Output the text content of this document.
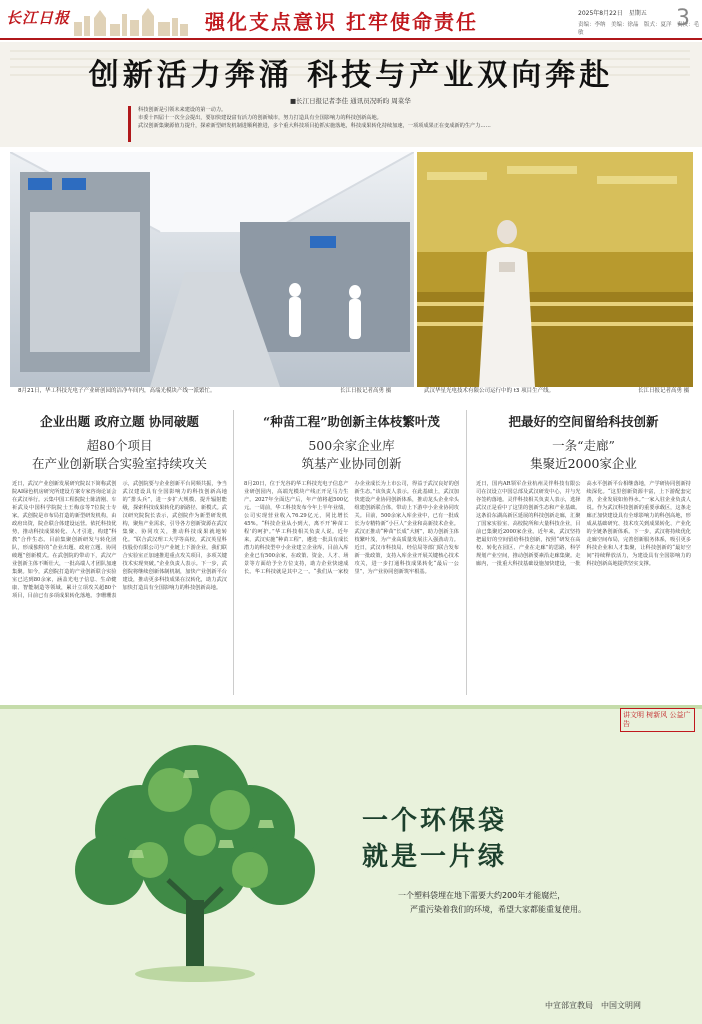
长江日报	强化支点意识 扛牢使命责任	2025年8月22日　星期五
责编：李纳　美编：徐晶　版式：夏洋　责校：毛敏
3
创新活力奔涌 科技与产业双向奔赴
■长江日报记者李佳 通讯员况昕昀 周菜华
科技创新是引领未来建设的第一动力。
市委十四届十一次全会提出，要加快建设富有活力的创新城市，努力打造具有全国影响力的科技创新高地。
武汉创新集聚源值力提升，探索新型研发机制进顺利推进，多个重大科技项目抢抓实施落地，科技成果转化持续加速，一项项成果正在变成新的生产力……
8月21日，华工科技光电子产业研创园的洁净车间内，高端光模块产线一派繁忙。	长江日报记者高勇 摄	武汉华星光电技术有限公司运行中的 t3 项目生产线。	长江日报记者高勇 摄
企业出题 政府立题 协同破题
超80个项目
在产业创新联合实验室持续攻关
近日，武汉产业创新发展研究院以下简称武创院AI绿色机房研究所建设方案专家咨询论证会在武汉举行。云集中国工程院院士陈清刚、车祈武及中国科学院院士王梅彦等7位院士专家。武创院是市布局打造的新型研发机构，由政府出资，院企联合体建设运营。依托科技优势，推动科技成果转化、人才引进，构建“科教”合作生态。目前集聚创新研发与转化团队，形成独特的“企业出题、政府立题、协同破题”创新模式。在武创院的带动下，武汉产业创新主体不断壮大，一批高端人才团队加速集聚。如今，武创院打造的产业创新联合实验室已达到80余家，涵盖光电子信息、生命健康、智能制造等领域，累计立项攻关超80个项目，目前已有多项成果转化落地。李珊珊表示，武创院要与企业创新平台同频共振，争当武汉建设具有全国影响力的科技创新高地的“排头兵”，进一步扩大规模、提升辐射能级，探索科技成果转化的新路径、新模式。武汉研究院院长表示，武创院作为新型研发机构，聚焦产业需求，引导各方创新资源在武汉集聚、协同攻关，推动科技成果就地转化。“联合武汉理工大学等高校，武汉英星科技股份有限公司与产业链上下游企业，我们联合实验室正加速推进重点攻关项目，多项关键技术实现突破。”企业负责人表示。下一步，武创院将继续创新体制机制，加快产业创新平台建设，推动更多科技成果在汉转化，助力武汉加快打造具有全国影响力的科技创新高地。
“种苗工程”助创新主体枝繁叶茂
500余家企业库
筑基产业协同创新
8月20日，位于光谷的华工科技光电子信息产业研创园内，高端光模块产线正开足马力生产。2027年全面达产后，年产值将超500亿元。一周前，华工科技发布今年上半年业绩，公司实现营业收入76.29亿元，同比增长45%。“科技企业从小到大，离不开‘种苗工程’的呵护。”华工科技相关负责人说。近年来，武汉实施“种苗工程”，遴选一批具有成长潜力的科技型中小企业建立企业库，目前入库企业已有500余家，在政策、资金、人才、场景等方面给予全方位支持，助力企业快速成长。华工科技就是其中之一。“我们从一家校办企业成长为上市公司，得益于武汉良好的创新生态。”该负责人表示。在此基础上，武汉加快建设产业协同创新体系，推动龙头企业牵头组建创新联合体，带动上下游中小企业协同攻关。目前，500余家入库企业中，已有一批成长为专精特新“小巨人”企业和高新技术企业。武汉正推动“种苗”长成“大树”，助力创新主体枝繁叶茂，为产业高质量发展注入强劲动力。近日，武汉市科技局、经信局等部门联合发布新一批政策，支持入库企业开展关键核心技术攻关，进一步打通科技成果转化“最后一公里”，为产业协同创新筑牢根基。
把最好的空间留给科技创新
一条“走廊”
集聚近2000家企业
近日，国内AR领军企业杭州灵伴科技有限公司在汉设立中国总部及武汉研发中心，并与光谷签约落地。灵伴科技相关负责人表示，选择武汉正是看中了这里的创新生态和产业基础。这条沿东湖高新区延展的科技创新走廊，汇聚了国家实验室、高校院所和大量科技企业，目前已集聚近2000家企业。近年来，武汉坚持把最好的空间留给科技创新，按照“研发在高校、转化在园区、产业在走廊”的思路，科学规划产业空间，推动创新要素沿走廊集聚。走廊内，一批重大科技基础设施加快建设，一批高水平创新平台相继落地，产学研协同创新持续深化。“这里创新资源丰富，上下游配套完善，企业发展如鱼得水。”一家入驻企业负责人说。作为武汉科技创新的重要承载区，这条走廊正加快建设具有全球影响力的科创高地，形成从基础研究、技术攻关到成果转化、产业化的全链条创新体系。下一步，武汉将持续优化走廊空间布局，完善创新服务体系，吸引更多科技企业和人才集聚，让科技创新的“最好空间”持续释放活力，为建设具有全国影响力的科技创新高地提供坚实支撑。
讲文明 树新风 公益广告
一个环保袋
就是一片绿
一个塑料袋埋在地下需要大约200年才能腐烂，
严重污染着我们的环境，希望大家都能重复使用。
中宣部宣教局　中国文明网
